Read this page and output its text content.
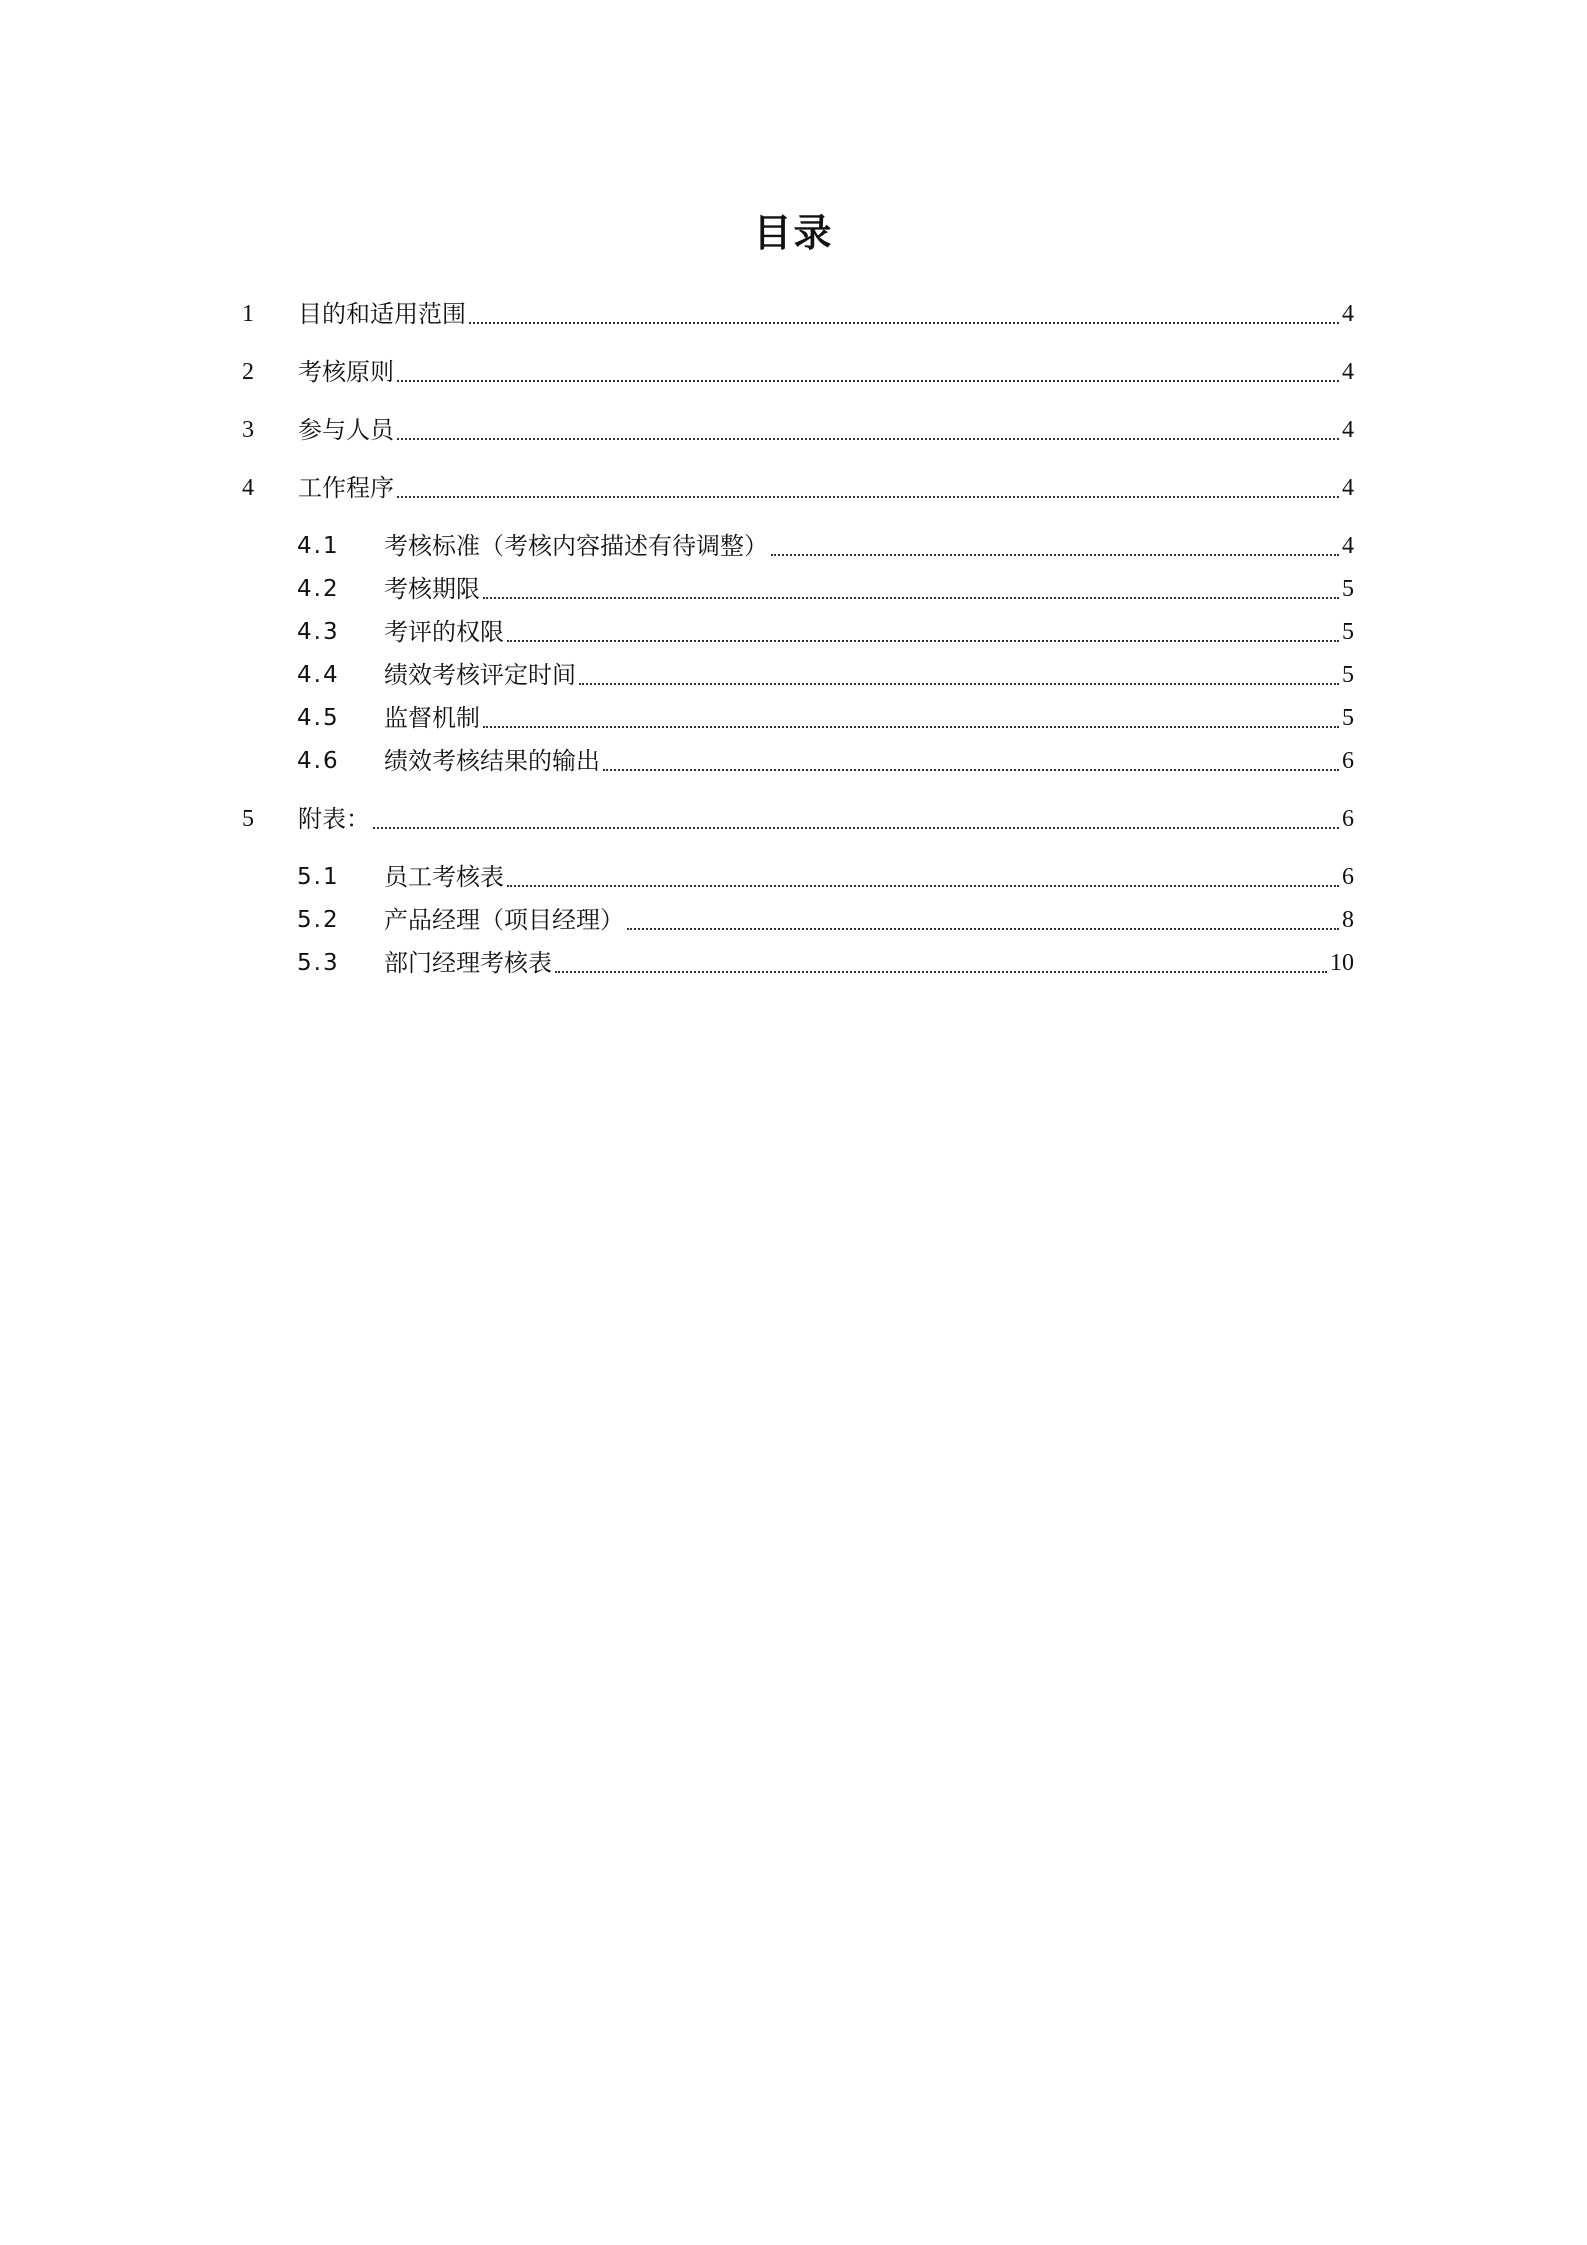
目录
1 目的和适用范围	4
2 考核原则	4
3 参与人员	4
4 工作程序	4
4.1 考核标准（考核内容描述有待调整）	4
4.2 考核期限	5
4.3 考评的权限	5
4.4 绩效考核评定时间	5
4.5 监督机制	5
4.6 绩效考核结果的输出	6
5 附表：	6
5.1 员工考核表	6
5.2 产品经理（项目经理）	8
5.3 部门经理考核表	10
